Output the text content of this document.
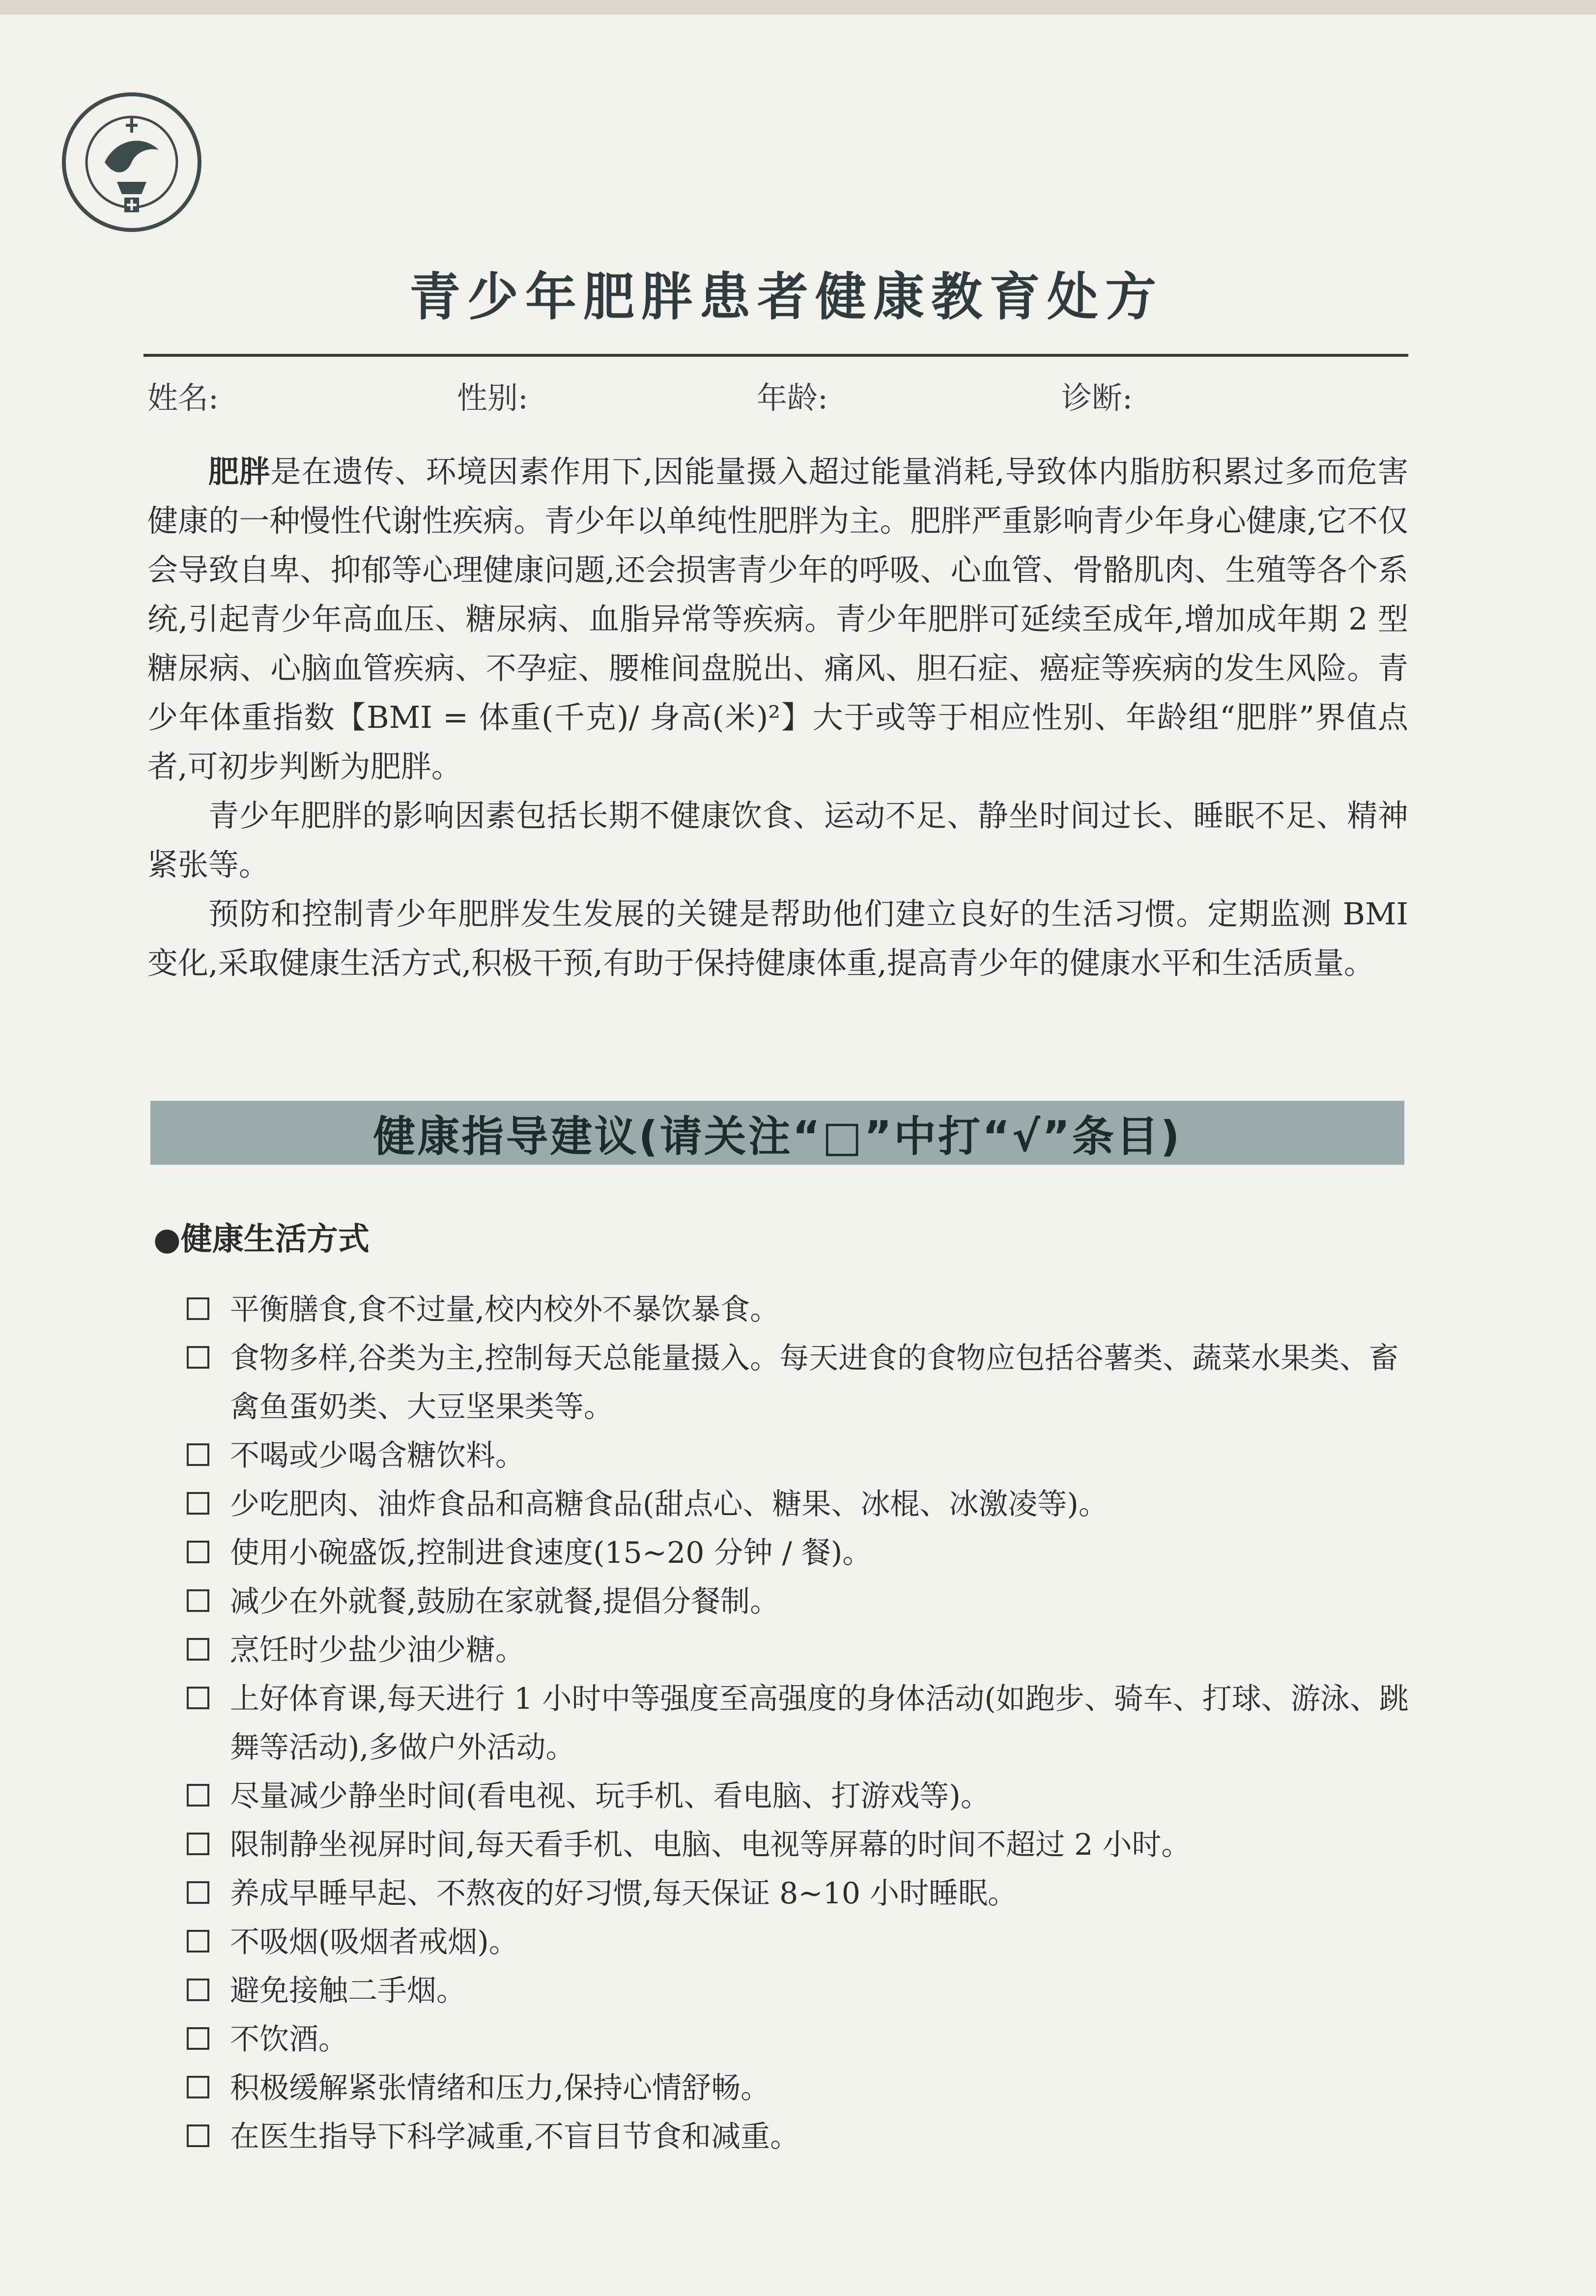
青少年肥胖患者健康教育处方
姓名:	性别:	年龄:	诊断:

肥胖是在遗传、环境因素作用下,因能量摄入超过能量消耗,导致体内脂肪积累过多而危害健康的一种慢性代谢性疾病。青少年以单纯性肥胖为主。肥胖严重影响青少年身心健康,它不仅会导致自卑、抑郁等心理健康问题,还会损害青少年的呼吸、心血管、骨骼肌肉、生殖等各个系统,引起青少年高血压、糖尿病、血脂异常等疾病。青少年肥胖可延续至成年,增加成年期 2 型糖尿病、心脑血管疾病、不孕症、腰椎间盘脱出、痛风、胆石症、癌症等疾病的发生风险。青少年体重指数【BMI = 体重(千克)/ 身高(米)²】大于或等于相应性别、年龄组“肥胖”界值点者,可初步判断为肥胖。

青少年肥胖的影响因素包括长期不健康饮食、运动不足、静坐时间过长、睡眠不足、精神紧张等。

预防和控制青少年肥胖发生发展的关键是帮助他们建立良好的生活习惯。定期监测 BMI 变化,采取健康生活方式,积极干预,有助于保持健康体重,提高青少年的健康水平和生活质量。

健康指导建议(请关注“□”中打“√”条目)
●健康生活方式
平衡膳食,食不过量,校内校外不暴饮暴食。
食物多样,谷类为主,控制每天总能量摄入。每天进食的食物应包括谷薯类、蔬菜水果类、畜禽鱼蛋奶类、大豆坚果类等。
不喝或少喝含糖饮料。
少吃肥肉、油炸食品和高糖食品(甜点心、糖果、冰棍、冰激凌等)。
使用小碗盛饭,控制进食速度(15~20 分钟 / 餐)。
减少在外就餐,鼓励在家就餐,提倡分餐制。
烹饪时少盐少油少糖。
上好体育课,每天进行 1 小时中等强度至高强度的身体活动(如跑步、骑车、打球、游泳、跳舞等活动),多做户外活动。
尽量减少静坐时间(看电视、玩手机、看电脑、打游戏等)。
限制静坐视屏时间,每天看手机、电脑、电视等屏幕的时间不超过 2 小时。
养成早睡早起、不熬夜的好习惯,每天保证 8~10 小时睡眠。
不吸烟(吸烟者戒烟)。
避免接触二手烟。
不饮酒。
积极缓解紧张情绪和压力,保持心情舒畅。
在医生指导下科学减重,不盲目节食和减重。
